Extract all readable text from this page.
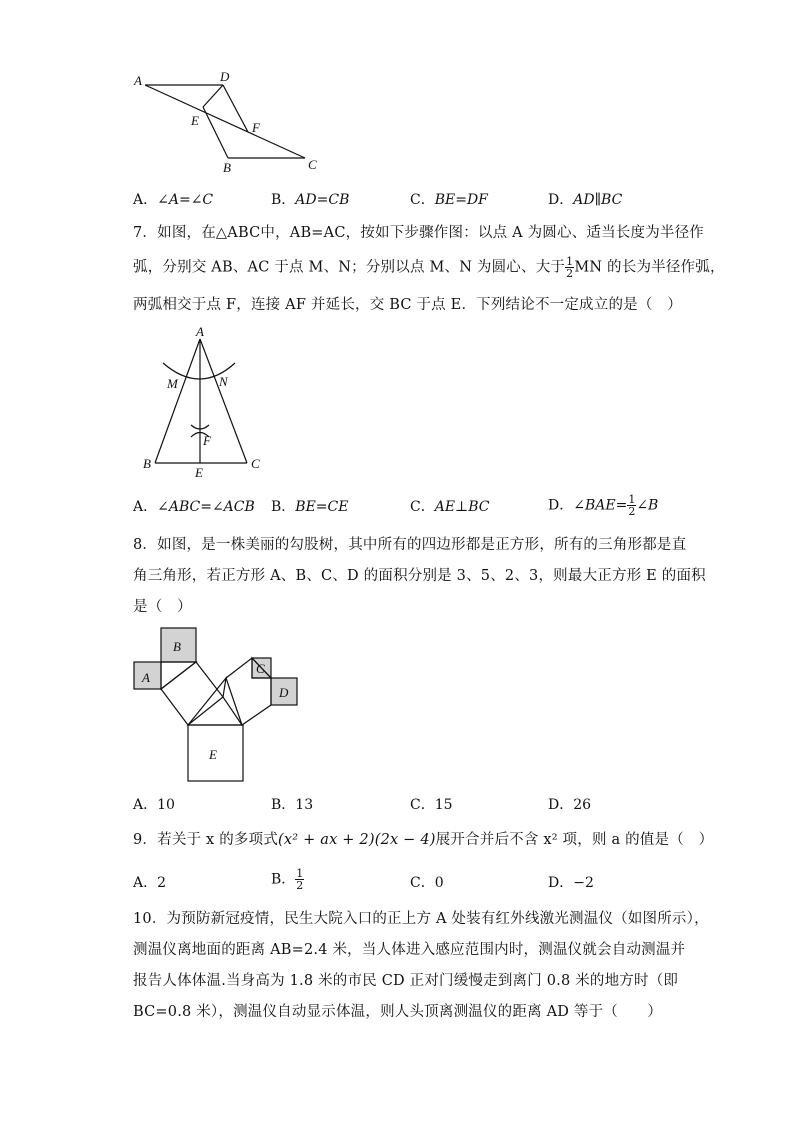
A	D
E	F
B	C
A．∠A=∠C	B．AD=CB	C．BE=DF	D．AD∥BC
7．如图，在△ABC中，AB=AC，按如下步骤作图：以点 A 为圆心、适当长度为半径作
弧，分别交 AB、AC 于点 M、N；分别以点 M、N 为圆心、大于 $\frac{1}{2}$ MN 的长为半径作弧，
两弧相交于点 F，连接 AF 并延长，交 BC 于点 E．下列结论不一定成立的是（　）
A
M	N
F
B
E
C
A．∠ABC=∠ACB B．BE=CE	C．AE⊥BC	D．∠BAE= $\frac{1}{2}$ ∠B
8．如图，是一株美丽的勾股树，其中所有的四边形都是正方形，所有的三角形都是直
角三角形，若正方形 A、B、C、D 的面积分别是 3、5、2、3，则最大正方形 E 的面积
是（　）
A
B
C
D
E
A．10	B．13	C．15	D．26
9．若关于 x 的多项式(x² + ax + 2)(2x − 4)展开合并后不含 x² 项，则 a 的值是（　）
A．2	B． $\frac{1}{2}$	C．0	D．−2
10．为预防新冠疫情，民生大院入口的正上方 A 处装有红外线激光测温仪（如图所示），
测温仪离地面的距离 AB=2.4 米，当人体进入感应范围内时，测温仪就会自动测温并
报告人体体温.当身高为 1.8 米的市民 CD 正对门缓慢走到离门 0.8 米的地方时（即
BC=0.8 米），测温仪自动显示体温，则人头顶离测温仪的距离 AD 等于（　　）
